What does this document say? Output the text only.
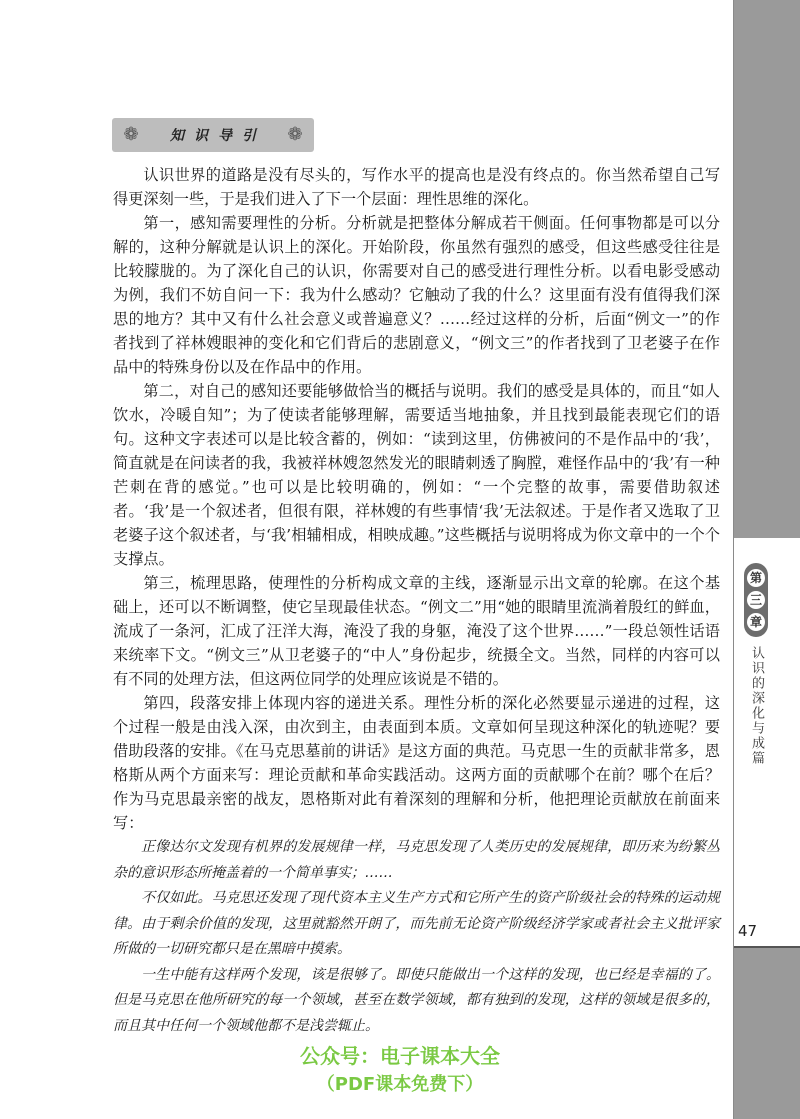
第
三
章
认识的深化与成篇
47
❁ 知识导引 ❁

认识世界的道路是没有尽头的，写作水平的提高也是没有终点的。你当然希望自己写得更深刻一些，于是我们进入了下一个层面：理性思维的深化。

第一，感知需要理性的分析。分析就是把整体分解成若干侧面。任何事物都是可以分解的，这种分解就是认识上的深化。开始阶段，你虽然有强烈的感受，但这些感受往往是比较朦胧的。为了深化自己的认识，你需要对自己的感受进行理性分析。以看电影受感动为例，我们不妨自问一下：我为什么感动？它触动了我的什么？这里面有没有值得我们深思的地方？其中又有什么社会意义或普遍意义？……经过这样的分析，后面“例文一”的作者找到了祥林嫂眼神的变化和它们背后的悲剧意义，“例文三”的作者找到了卫老婆子在作品中的特殊身份以及在作品中的作用。

第二，对自己的感知还要能够做恰当的概括与说明。我们的感受是具体的，而且“如人饮水，冷暖自知”；为了使读者能够理解，需要适当地抽象，并且找到最能表现它们的语句。这种文字表述可以是比较含蓄的，例如：“读到这里，仿佛被问的不是作品中的‘我’，简直就是在问读者的我，我被祥林嫂忽然发光的眼睛刺透了胸膛，难怪作品中的‘我’有一种芒刺在背的感觉。”也可以是比较明确的，例如：“一个完整的故事，需要借助叙述者。‘我’是一个叙述者，但很有限，祥林嫂的有些事情‘我’无法叙述。于是作者又选取了卫老婆子这个叙述者，与‘我’相辅相成，相映成趣。”这些概括与说明将成为你文章中的一个个支撑点。

第三，梳理思路，使理性的分析构成文章的主线，逐渐显示出文章的轮廓。在这个基础上，还可以不断调整，使它呈现最佳状态。“例文二”用“她的眼睛里流淌着殷红的鲜血，流成了一条河，汇成了汪洋大海，淹没了我的身躯，淹没了这个世界……”一段总领性话语来统率下文。“例文三”从卫老婆子的“中人”身份起步，统摄全文。当然，同样的内容可以有不同的处理方法，但这两位同学的处理应该说是不错的。

第四，段落安排上体现内容的递进关系。理性分析的深化必然要显示递进的过程，这个过程一般是由浅入深，由次到主，由表面到本质。文章如何呈现这种深化的轨迹呢？要借助段落的安排。《在马克思墓前的讲话》是这方面的典范。马克思一生的贡献非常多，恩格斯从两个方面来写：理论贡献和革命实践活动。这两方面的贡献哪个在前？哪个在后？作为马克思最亲密的战友，恩格斯对此有着深刻的理解和分析，他把理论贡献放在前面来写：

正像达尔文发现有机界的发展规律一样，马克思发现了人类历史的发展规律，即历来为纷繁丛杂的意识形态所掩盖着的一个简单事实；……

不仅如此。马克思还发现了现代资本主义生产方式和它所产生的资产阶级社会的特殊的运动规律。由于剩余价值的发现，这里就豁然开朗了，而先前无论资产阶级经济学家或者社会主义批评家所做的一切研究都只是在黑暗中摸索。

一生中能有这样两个发现，该是很够了。即使只能做出一个这样的发现，也已经是幸福的了。但是马克思在他所研究的每一个领域，甚至在数学领域，都有独到的发现，这样的领域是很多的，而且其中任何一个领域他都不是浅尝辄止。

公众号：电子课本大全
（PDF课本免费下）
